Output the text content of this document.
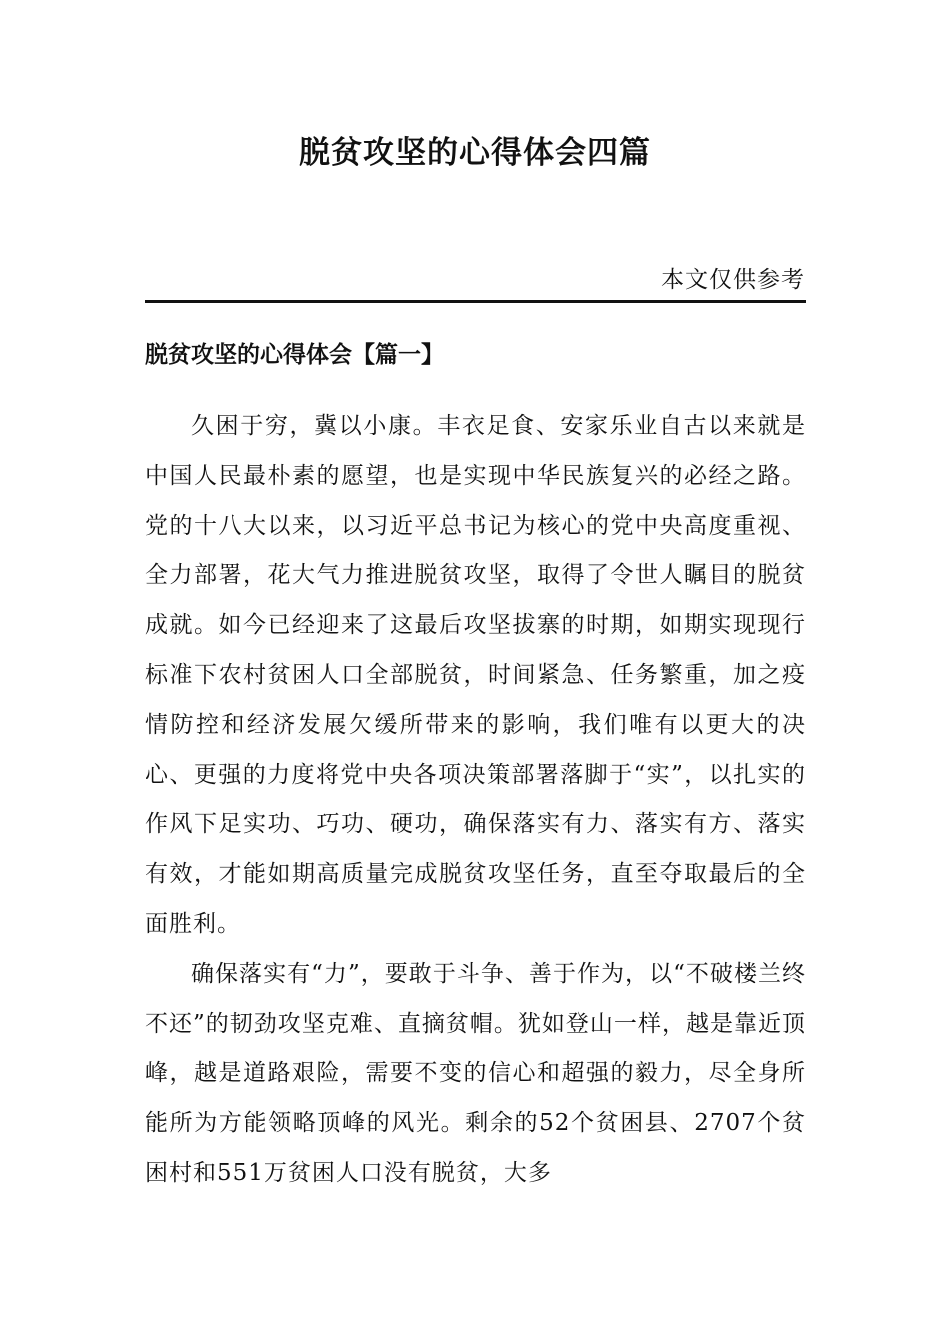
脱贫攻坚的心得体会四篇
本文仅供参考
脱贫攻坚的心得体会【篇一】

久困于穷，冀以小康。丰衣足食、安家乐业自古以来就是中国人民最朴素的愿望，也是实现中华民族复兴的必经之路。党的十八大以来，以习近平总书记为核心的党中央高度重视、全力部署，花大气力推进脱贫攻坚，取得了令世人瞩目的脱贫成就。如今已经迎来了这最后攻坚拔寨的时期，如期实现现行标准下农村贫困人口全部脱贫，时间紧急、任务繁重，加之疫情防控和经济发展欠缓所带来的影响，我们唯有以更大的决心、更强的力度将党中央各项决策部署落脚于“实”，以扎实的作风下足实功、巧功、硬功，确保落实有力、落实有方、落实有效，才能如期高质量完成脱贫攻坚任务，直至夺取最后的全面胜利。

确保落实有“力”，要敢于斗争、善于作为，以“不破楼兰终不还”的韧劲攻坚克难、直摘贫帽。犹如登山一样，越是靠近顶峰，越是道路艰险，需要不变的信心和超强的毅力，尽全身所能所为方能领略顶峰的风光。剩余的52个贫困县、2707个贫困村和551万贫困人口没有脱贫，大多
